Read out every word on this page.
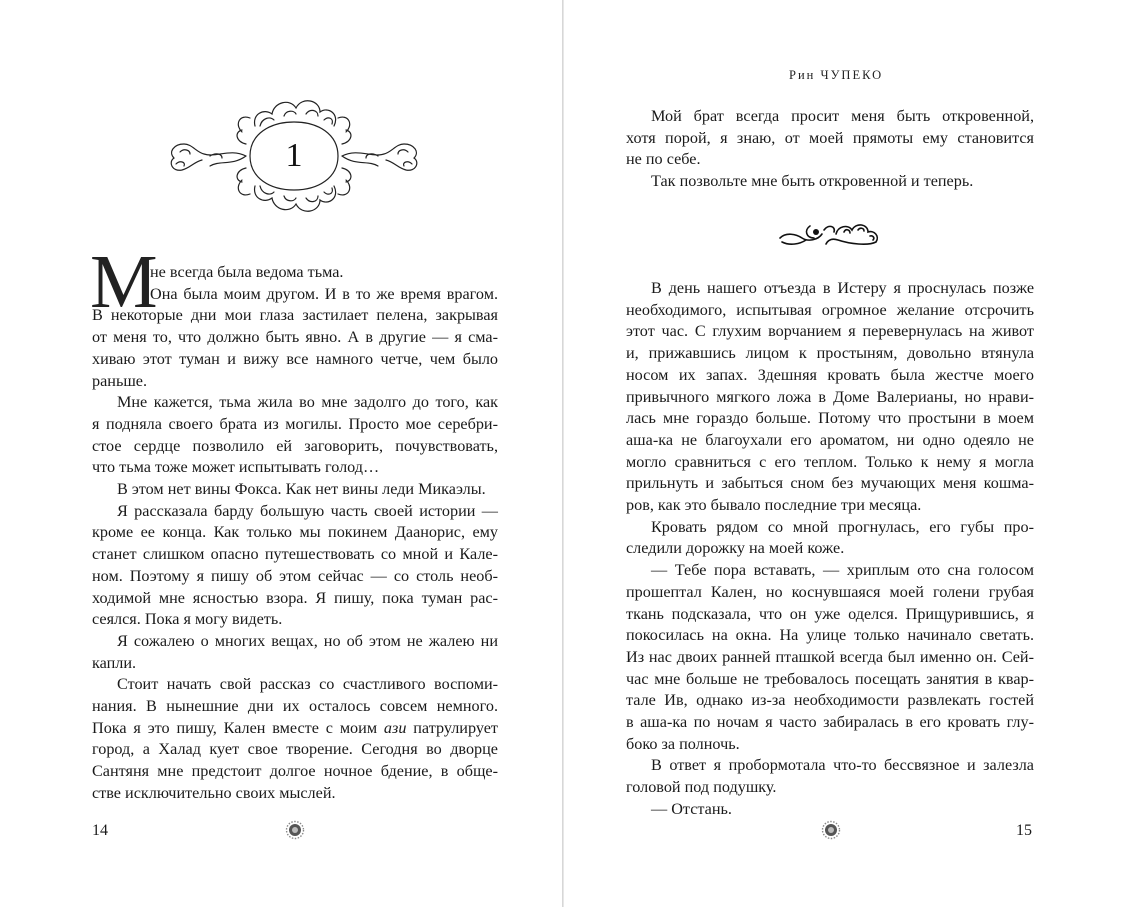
1
М
не всегда была ведома тьма.
Она была моим другом. И в то же время врагом.
В некоторые дни мои глаза застилает пелена, закрывая
от меня то, что должно быть явно. А в другие — я сма-
хиваю этот туман и вижу все намного четче, чем было
раньше.

Мне кажется, тьма жила во мне задолго до того, как
я подняла своего брата из могилы. Просто мое серебри-
стое сердце позволило ей заговорить, почувствовать,
что тьма тоже может испытывать голод…

В этом нет вины Фокса. Как нет вины леди Микаэлы.

Я рассказала барду большую часть своей истории —
кроме ее конца. Как только мы покинем Даанорис, ему
станет слишком опасно путешествовать со мной и Кале-
ном. Поэтому я пишу об этом сейчас — со столь необ-
ходимой мне ясностью взора. Я пишу, пока туман рас-
сеялся. Пока я могу видеть.

Я сожалею о многих вещах, но об этом не жалею ни
капли.

Стоит начать свой рассказ со счастливого воспоми-
нания. В нынешние дни их осталось совсем немного.
Пока я это пишу, Кален вместе с моим ази патрулирует
город, а Халад кует свое творение. Сегодня во дворце
Сантяня мне предстоит долгое ночное бдение, в обще-
стве исключительно своих мыслей.

14
Рин ЧУПЕКО

Мой брат всегда просит меня быть откровенной,
хотя порой, я знаю, от моей прямоты ему становится
не по себе.

Так позвольте мне быть откровенной и теперь.

В день нашего отъезда в Истеру я проснулась позже
необходимого, испытывая огромное желание отсрочить
этот час. С глухим ворчанием я перевернулась на живот
и, прижавшись лицом к простыням, довольно втянула
носом их запах. Здешняя кровать была жестче моего
привычного мягкого ложа в Доме Валерианы, но нрави-
лась мне гораздо больше. Потому что простыни в моем
аша-ка не благоухали его ароматом, ни одно одеяло не
могло сравниться с его теплом. Только к нему я могла
прильнуть и забыться сном без мучающих меня кошма-
ров, как это бывало последние три месяца.

Кровать рядом со мной прогнулась, его губы про-
следили дорожку на моей коже.

— Тебе пора вставать, — хриплым ото сна голосом
прошептал Кален, но коснувшаяся моей голени грубая
ткань подсказала, что он уже оделся. Прищурившись, я
покосилась на окна. На улице только начинало светать.
Из нас двоих ранней пташкой всегда был именно он. Сей-
час мне больше не требовалось посещать занятия в квар-
тале Ив, однако из-за необходимости развлекать гостей
в аша-ка по ночам я часто забиралась в его кровать глу-
боко за полночь.

В ответ я пробормотала что-то бессвязное и залезла
головой под подушку.

— Отстань.

15
